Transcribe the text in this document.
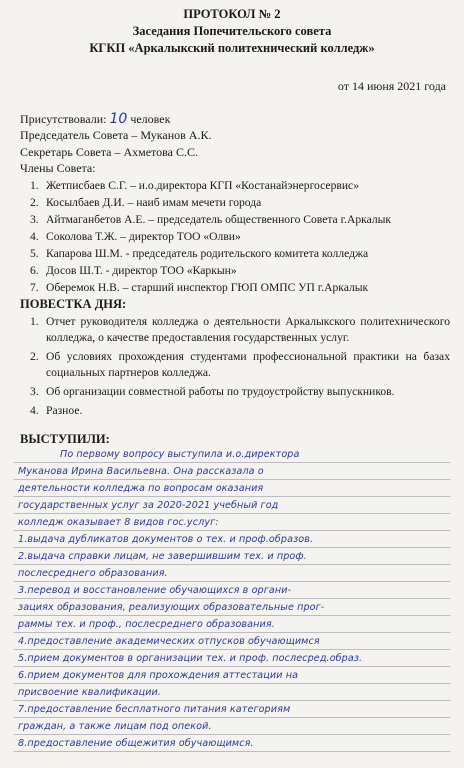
ПРОТОКОЛ № 2
Заседания Попечительского совета
КГКП «Аркалыкский политехнический колледж»
от 14 июня 2021 года
Присутствовали: 10 человек
Председатель Совета – Муканов А.К.
Секретарь Совета – Ахметова С.С.
Члены Совета:
1. Жетписбаев С.Г. – и.о.директора КГП «Костанайэнергосервис»
2. Косылбаев Д.И. – наиб имам мечети города
3. Айтмаганбетов А.Е. – председатель общественного Совета г.Аркалык
4. Соколова Т.Ж. – директор ТОО «Олви»
5. Капарова Ш.М. - председатель родительского комитета колледжа
6. Досов Ш.Т. - директор ТОО «Каркын»
7. Оберемок Н.В. – старший инспектор ГЮП ОМПС УП г.Аркалык
ПОВЕСТКА ДНЯ:
1. Отчет руководителя колледжа о деятельности Аркалыкского политехнического колледжа, о качестве предоставления государственных услуг.
2. Об условиях прохождения студентами профессиональной практики на базах социальных партнеров колледжа.
3. Об организации совместной работы по трудоустройству выпускников.
4. Разное.
ВЫСТУПИЛИ:
По первому вопросу выступила и.о.директора
Муканова Ирина Васильевна. Она рассказала о
деятельности колледжа по вопросам оказания
государственных услуг за 2020-2021 учебный год
колледж оказывает 8 видов гос.услуг:
1.выдача дубликатов документов о тех. и проф.образов.
2.выдача справки лицам, не завершившим тех. и проф.
послесреднего образования.
3.перевод и восстановление обучающихся в органи-
зациях образования, реализующих образовательные прог-
раммы тех. и проф., послесреднего образования.
4.предоставление академических отпусков обучающимся
5.прием документов в организации тех. и проф. послесред.образ.
6.прием документов для прохождения аттестации на
присвоение квалификации.
7.предоставление бесплатного питания категориям
граждан, а также лицам под опекой.
8.предоставление общежития обучающимся.
